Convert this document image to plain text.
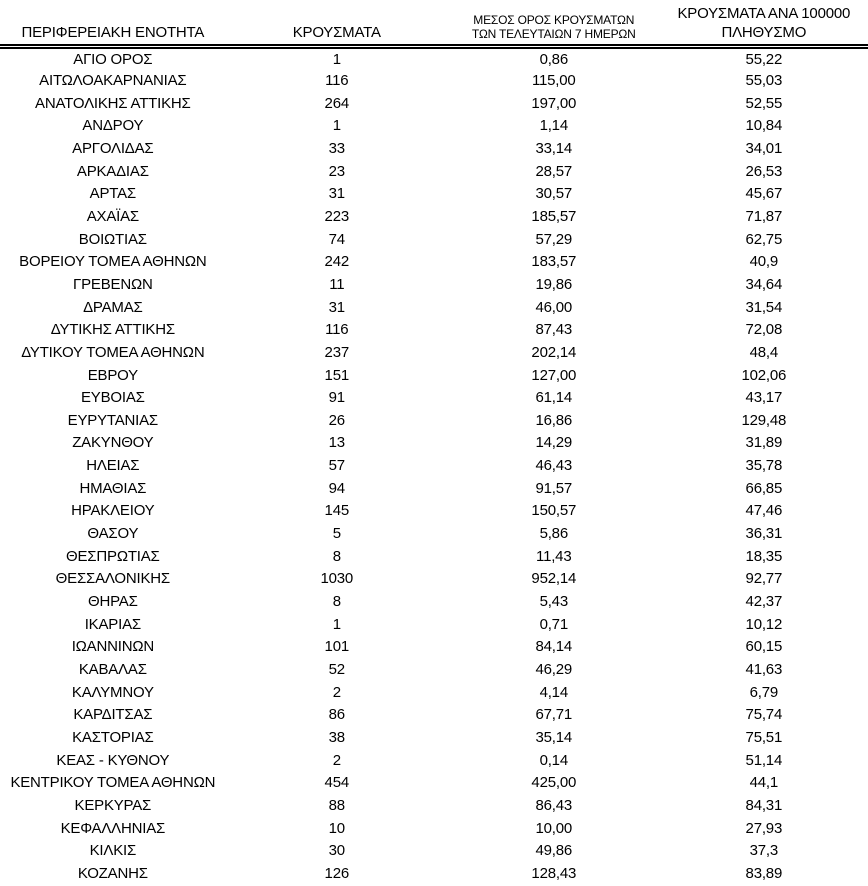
ΠΕΡΙΦΕΡΕΙΑΚΗ ΕΝΟΤΗΤΑ	ΚΡΟΥΣΜΑΤΑ	ΜΕΣΟΣ ΟΡΟΣ ΚΡΟΥΣΜΑΤΩΝ
ΤΩΝ ΤΕΛΕΥΤΑΙΩΝ 7 ΗΜΕΡΩΝ	ΚΡΟΥΣΜΑΤΑ ΑΝΑ 100000
ΠΛΗΘΥΣΜΟ

ΑΓΙΟ ΟΡΟΣ	1	0,86	55,22
ΑΙΤΩΛΟΑΚΑΡΝΑΝΙΑΣ	116	115,00	55,03
ΑΝΑΤΟΛΙΚΗΣ ΑΤΤΙΚΗΣ	264	197,00	52,55
ΑΝΔΡΟΥ	1	1,14	10,84
ΑΡΓΟΛΙΔΑΣ	33	33,14	34,01
ΑΡΚΑΔΙΑΣ	23	28,57	26,53
ΑΡΤΑΣ	31	30,57	45,67
ΑΧΑΪΑΣ	223	185,57	71,87
ΒΟΙΩΤΙΑΣ	74	57,29	62,75
ΒΟΡΕΙΟΥ ΤΟΜΕΑ ΑΘΗΝΩΝ	242	183,57	40,9
ΓΡΕΒΕΝΩΝ	11	19,86	34,64
ΔΡΑΜΑΣ	31	46,00	31,54
ΔΥΤΙΚΗΣ ΑΤΤΙΚΗΣ	116	87,43	72,08
ΔΥΤΙΚΟΥ ΤΟΜΕΑ ΑΘΗΝΩΝ	237	202,14	48,4
ΕΒΡΟΥ	151	127,00	102,06
ΕΥΒΟΙΑΣ	91	61,14	43,17
ΕΥΡΥΤΑΝΙΑΣ	26	16,86	129,48
ΖΑΚΥΝΘΟΥ	13	14,29	31,89
ΗΛΕΙΑΣ	57	46,43	35,78
ΗΜΑΘΙΑΣ	94	91,57	66,85
ΗΡΑΚΛΕΙΟΥ	145	150,57	47,46
ΘΑΣΟΥ	5	5,86	36,31
ΘΕΣΠΡΩΤΙΑΣ	8	11,43	18,35
ΘΕΣΣΑΛΟΝΙΚΗΣ	1030	952,14	92,77
ΘΗΡΑΣ	8	5,43	42,37
ΙΚΑΡΙΑΣ	1	0,71	10,12
ΙΩΑΝΝΙΝΩΝ	101	84,14	60,15
ΚΑΒΑΛΑΣ	52	46,29	41,63
ΚΑΛΥΜΝΟΥ	2	4,14	6,79
ΚΑΡΔΙΤΣΑΣ	86	67,71	75,74
ΚΑΣΤΟΡΙΑΣ	38	35,14	75,51
ΚΕΑΣ - ΚΥΘΝΟΥ	2	0,14	51,14
ΚΕΝΤΡΙΚΟΥ ΤΟΜΕΑ ΑΘΗΝΩΝ	454	425,00	44,1
ΚΕΡΚΥΡΑΣ	88	86,43	84,31
ΚΕΦΑΛΛΗΝΙΑΣ	10	10,00	27,93
ΚΙΛΚΙΣ	30	49,86	37,3
ΚΟΖΑΝΗΣ	126	128,43	83,89
